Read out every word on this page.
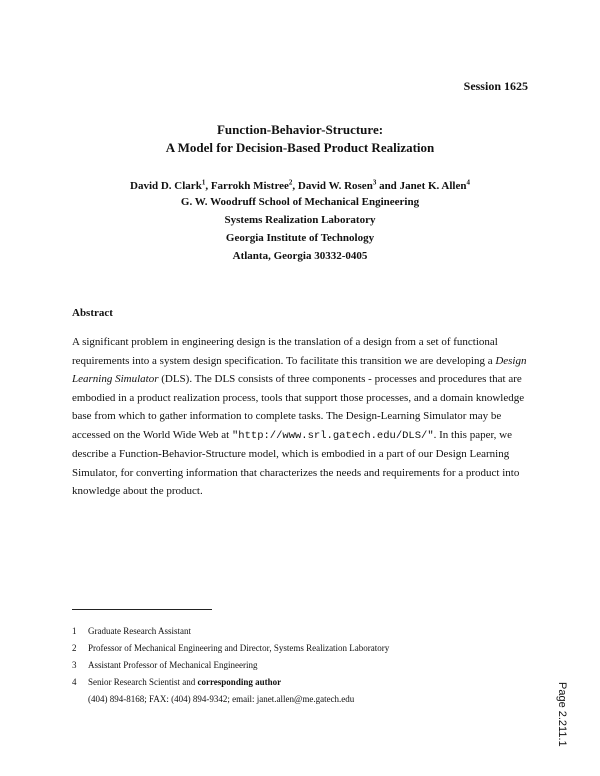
Session 1625
Function-Behavior-Structure:
A Model for Decision-Based Product Realization
David D. Clark$^1$, Farrokh Mistree$^2$, David W. Rosen$^3$ and Janet K. Allen$^4$
G. W. Woodruff School of Mechanical Engineering
Systems Realization Laboratory
Georgia Institute of Technology
Atlanta, Georgia 30332-0405
Abstract
A significant problem in engineering design is the translation of a design from a set of functional requirements into a system design specification. To facilitate this transition we are developing a Design Learning Simulator (DLS). The DLS consists of three components - processes and procedures that are embodied in a product realization process, tools that support those processes, and a domain knowledge base from which to gather information to complete tasks. The Design-Learning Simulator may be accessed on the World Wide Web at "http://www.srl.gatech.edu/DLS/". In this paper, we describe a Function-Behavior-Structure model, which is embodied in a part of our Design Learning Simulator, for converting information that characterizes the needs and requirements for a product into knowledge about the product.
1 Graduate Research Assistant
2 Professor of Mechanical Engineering and Director, Systems Realization Laboratory
3 Assistant Professor of Mechanical Engineering
4 Senior Research Scientist and corresponding author
(404) 894-8168; FAX: (404) 894-9342; email: janet.allen@me.gatech.edu	Page 2.211.1
